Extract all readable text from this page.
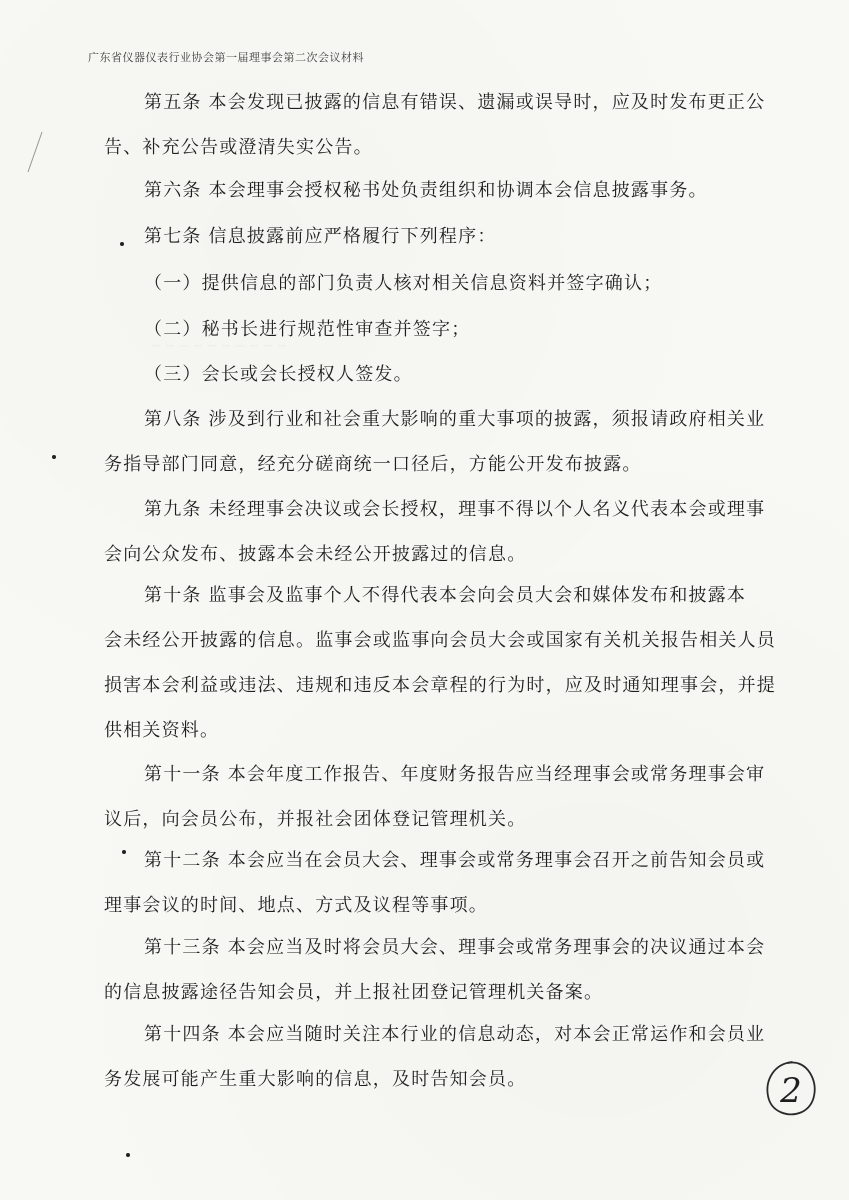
广东省仪器仪表行业协会第一届理事会第二次会议材料
第五条 本会发现已披露的信息有错误、遗漏或误导时，应及时发布更正公
告、补充公告或澄清失实公告。
第六条 本会理事会授权秘书处负责组织和协调本会信息披露事务。
第七条 信息披露前应严格履行下列程序：
（一）提供信息的部门负责人核对相关信息资料并签字确认；
（二）秘书长进行规范性审查并签字；
﹉﹉﹉﹉﹉﹉﹉﹉﹉﹉
（三）会长或会长授权人签发。
第八条 涉及到行业和社会重大影响的重大事项的披露，须报请政府相关业
务指导部门同意，经充分磋商统一口径后，方能公开发布披露。
第九条 未经理事会决议或会长授权，理事不得以个人名义代表本会或理事
会向公众发布、披露本会未经公开披露过的信息。
第十条 监事会及监事个人不得代表本会向会员大会和媒体发布和披露本
会未经公开披露的信息。监事会或监事向会员大会或国家有关机关报告相关人员损害本会利益或违法、违规和违反本会章程的行为时，应及时通知理事会，并提供相关资料。
第十一条 本会年度工作报告、年度财务报告应当经理事会或常务理事会审
议后，向会员公布，并报社会团体登记管理机关。
第十二条 本会应当在会员大会、理事会或常务理事会召开之前告知会员或
理事会议的时间、地点、方式及议程等事项。
第十三条 本会应当及时将会员大会、理事会或常务理事会的决议通过本会
的信息披露途径告知会员，并上报社团登记管理机关备案。
第十四条 本会应当随时关注本行业的信息动态，对本会正常运作和会员业
务发展可能产生重大影响的信息，及时告知会员。	2
